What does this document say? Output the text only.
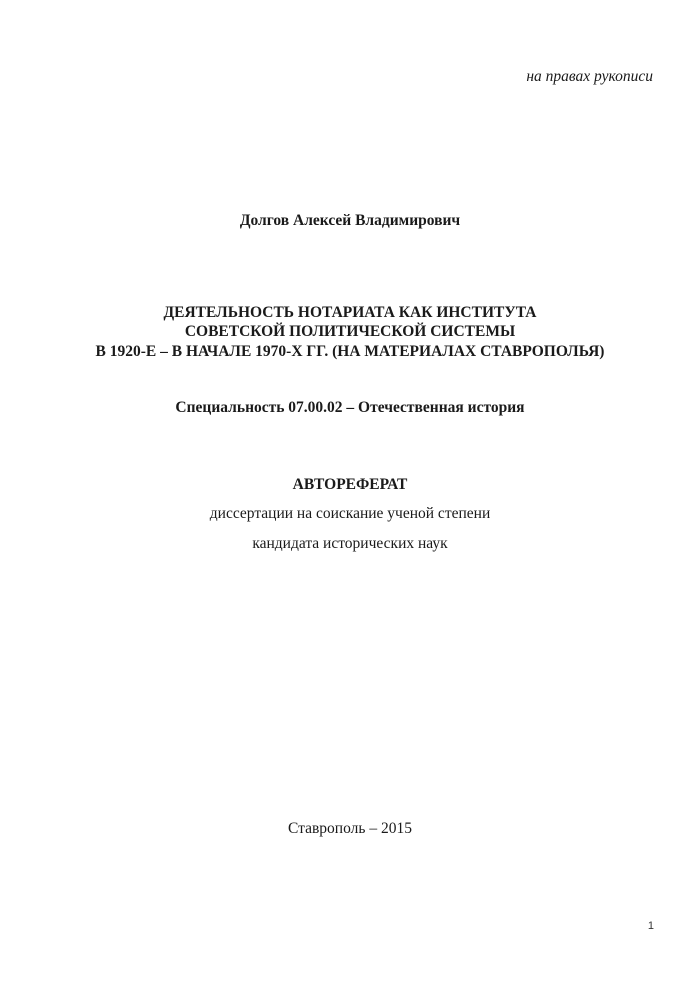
на правах рукописи
Долгов Алексей Владимирович
ДЕЯТЕЛЬНОСТЬ НОТАРИАТА КАК ИНСТИТУТА
СОВЕТСКОЙ ПОЛИТИЧЕСКОЙ СИСТЕМЫ
В 1920-Е – В НАЧАЛЕ 1970-Х ГГ. (НА МАТЕРИАЛАХ СТАВРОПОЛЬЯ)
Специальность 07.00.02 – Отечественная история
АВТОРЕФЕРАТ
диссертации на соискание ученой степени
кандидата исторических наук
Ставрополь – 2015
1
